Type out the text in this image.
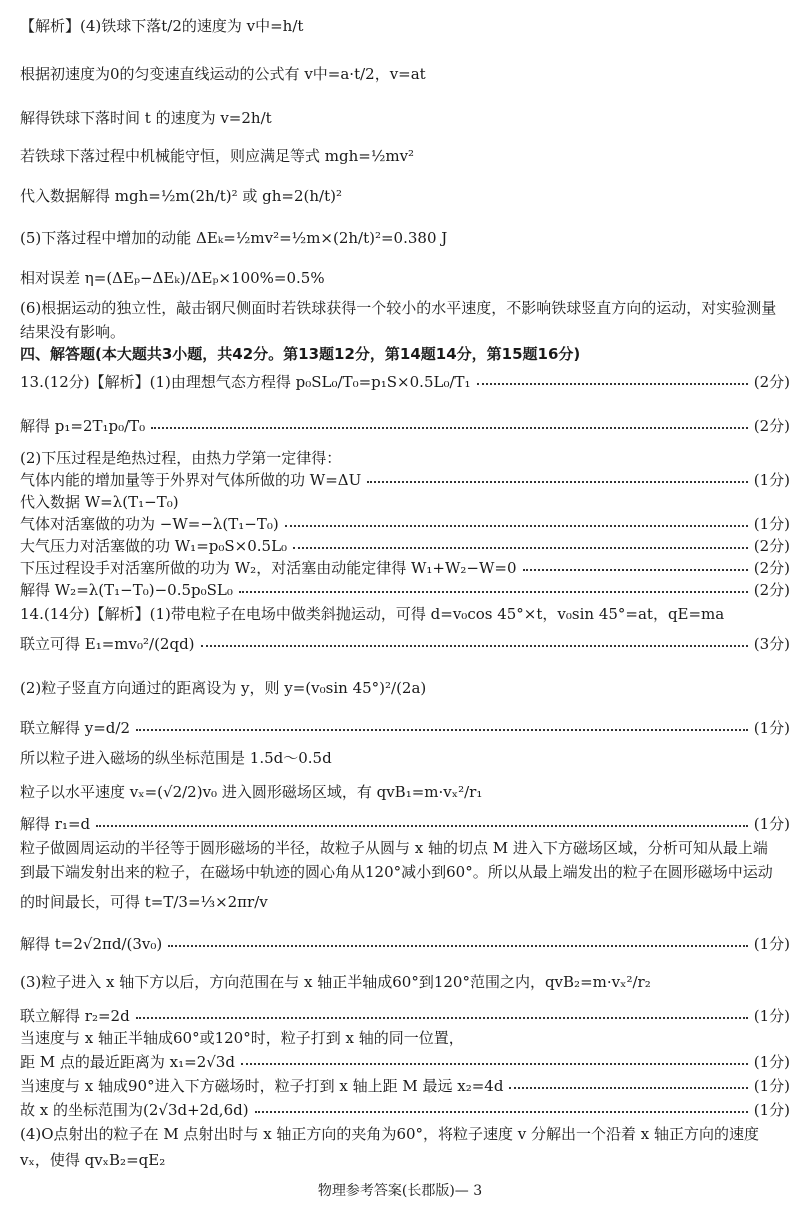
【解析】(4)铁球下落t/2的速度为 v中=h/t
根据初速度为0的匀变速直线运动的公式有 v中=a·t/2，v=at
解得铁球下落时间 t 的速度为 v=2h/t
若铁球下落过程中机械能守恒，则应满足等式 mgh=½mv²
代入数据解得 mgh=½m(2h/t)² 或 gh=2(h/t)²
(5)下落过程中增加的动能 ΔEₖ=½mv²=½m×(2h/t)²=0.380 J
相对误差 η=(ΔEₚ−ΔEₖ)/ΔEₚ×100%=0.5%
(6)根据运动的独立性，敲击钢尺侧面时若铁球获得一个较小的水平速度，不影响铁球竖直方向的运动，对实验测量
结果没有影响。
四、解答题(本大题共3小题，共42分。第13题12分，第14题14分，第15题16分)
13.(12分)【解析】(1)由理想气态方程得 p₀SL₀/T₀=p₁S×0.5L₀/T₁	(2分)
解得 p₁=2T₁p₀/T₀	(2分)
(2)下压过程是绝热过程，由热力学第一定律得：
气体内能的增加量等于外界对气体所做的功 W=ΔU	(1分)
代入数据 W=λ(T₁−T₀)
气体对活塞做的功为 −W=−λ(T₁−T₀)	(1分)
大气压力对活塞做的功 W₁=p₀S×0.5L₀	(2分)
下压过程设手对活塞所做的功为 W₂，对活塞由动能定律得 W₁+W₂−W=0	(2分)
解得 W₂=λ(T₁−T₀)−0.5p₀SL₀	(2分)
14.(14分)【解析】(1)带电粒子在电场中做类斜抛运动，可得 d=v₀cos 45°×t，v₀sin 45°=at，qE=ma
联立可得 E₁=mv₀²/(2qd)	(3分)
(2)粒子竖直方向通过的距离设为 y，则 y=(v₀sin 45°)²/(2a)
联立解得 y=d/2	(1分)
所以粒子进入磁场的纵坐标范围是 1.5d～0.5d
粒子以水平速度 vₓ=(√2/2)v₀ 进入圆形磁场区域，有 qvB₁=m·vₓ²/r₁
解得 r₁=d	(1分)
粒子做圆周运动的半径等于圆形磁场的半径，故粒子从圆与 x 轴的切点 M 进入下方磁场区域，分析可知从最上端
到最下端发射出来的粒子，在磁场中轨迹的圆心角从120°减小到60°。所以从最上端发出的粒子在圆形磁场中运动
的时间最长，可得 t=T/3=⅓×2πr/v
解得 t=2√2πd/(3v₀)	(1分)
(3)粒子进入 x 轴下方以后，方向范围在与 x 轴正半轴成60°到120°范围之内，qvB₂=m·vₓ²/r₂
联立解得 r₂=2d	(1分)
当速度与 x 轴正半轴成60°或120°时，粒子打到 x 轴的同一位置，
距 M 点的最近距离为 x₁=2√3d	(1分)
当速度与 x 轴成90°进入下方磁场时，粒子打到 x 轴上距 M 最远 x₂=4d	(1分)
故 x 的坐标范围为(2√3d+2d,6d)	(1分)
(4)O点射出的粒子在 M 点射出时与 x 轴正方向的夹角为60°，将粒子速度 v 分解出一个沿着 x 轴正方向的速度
vₓ，使得 qvₓB₂=qE₂
物理参考答案(长郡版)— 3
